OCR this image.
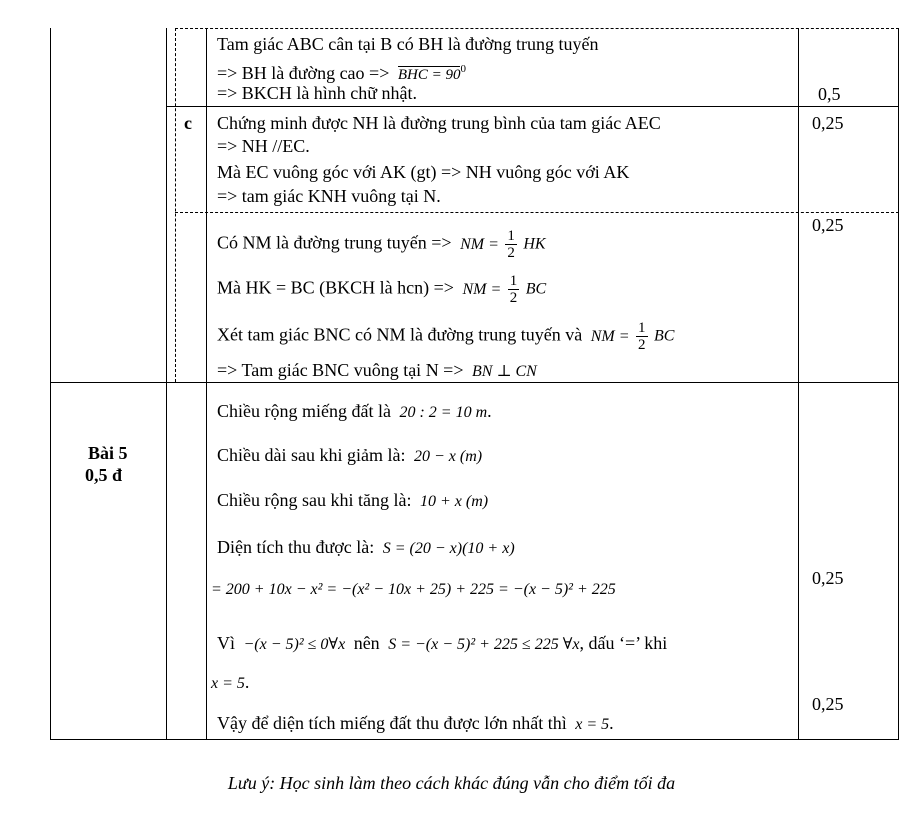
Tam giác ABC cân tại B có BH là đường trung tuyến
=> BH là đường cao => BHC = $90^0$
=> BKCH là hình chữ nhật.	0,5
c Chứng minh được NH là đường trung bình của tam giác AEC
=> NH //EC.
Mà EC vuông góc với AK (gt) => NH vuông góc với AK
=> tam giác KNH vuông tại N.
0,25
Có NM là đường trung tuyến => NM = $\frac{1}{2}$ HK
Mà HK = BC (BKCH là hcn) => NM = $\frac{1}{2}$ BC
Xét tam giác BNC có NM là đường trung tuyến và NM = $\frac{1}{2}$ BC
=> Tam giác BNC vuông tại N => BN ⊥ CN
0,25
Bài 5
0,5 đ
Chiều rộng miếng đất là 20 : 2 = 10 m.
Chiều dài sau khi giảm là: 20 − x (m)
Chiều rộng sau khi tăng là: 10 + x (m)
Diện tích thu được là: S = (20 − x)(10 + x)
= 200 + 10x − x² = −(x² − 10x + 25) + 225 = −(x − 5)² + 225
Vì −(x − 5)² ≤ 0∀x nên S = −(x − 5)² + 225 ≤ 225 ∀x, dấu ‘=’ khi
x = 5.
Vậy để diện tích miếng đất thu được lớn nhất thì x = 5.
0,25
0,25
Lưu ý: Học sinh làm theo cách khác đúng vẫn cho điểm tối đa
